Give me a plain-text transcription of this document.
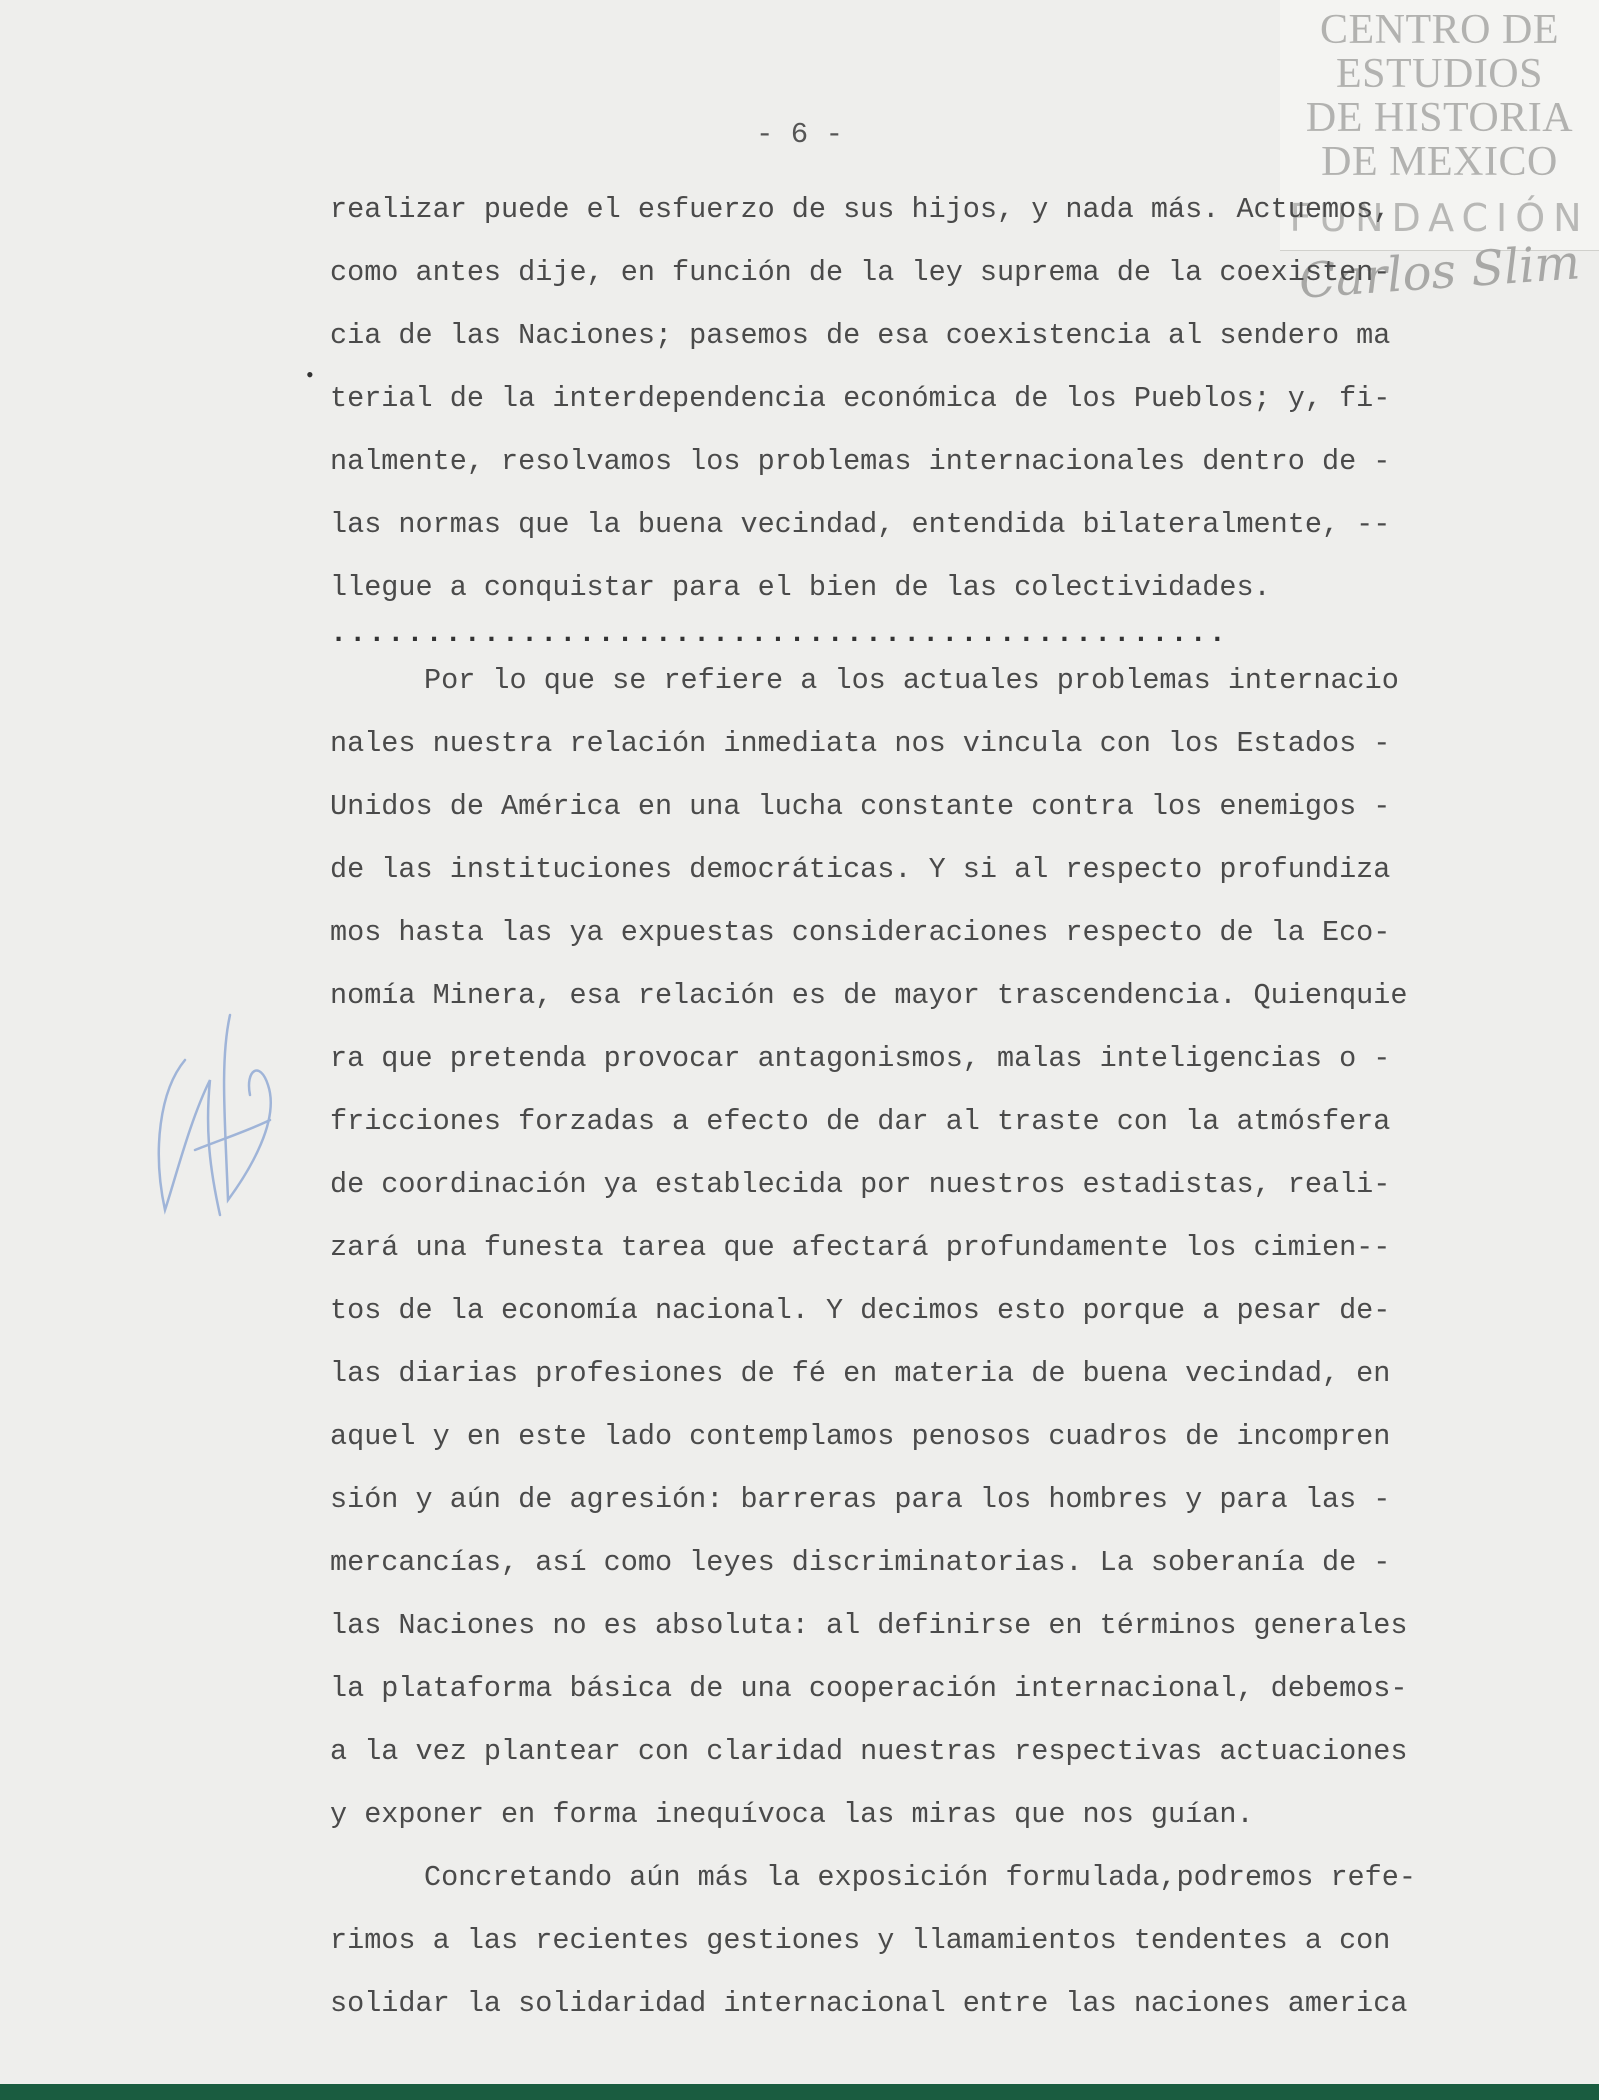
CENTRO DE
ESTUDIOS
DE HISTORIA
DE MEXICO
FUNDACIÓN
Carlos Slim
- 6 -
•
realizar puede el esfuerzo de sus hijos, y nada más. Actuemos,
como antes dije, en función de la ley suprema de la coexisten-
cia de las Naciones; pasemos de esa coexistencia al sendero ma
terial de la interdependencia económica de los Pueblos; y, fi-
nalmente, resolvamos los problemas internacionales dentro de -
las normas que la buena vecindad, entendida bilateralmente, --
llegue a conquistar para el bien de las colectividades.
...............................................
Por lo que se refiere a los actuales problemas internacio
nales nuestra relación inmediata nos vincula con los Estados -
Unidos de América en una lucha constante contra los enemigos -
de las instituciones democráticas. Y si al respecto profundiza
mos hasta las ya expuestas consideraciones respecto de la Eco-
nomía Minera, esa relación es de mayor trascendencia. Quienquie
ra que pretenda provocar antagonismos, malas inteligencias o -
fricciones forzadas a efecto de dar al traste con la atmósfera
de coordinación ya establecida por nuestros estadistas, reali-
zará una funesta tarea que afectará profundamente los cimien--
tos de la economía nacional. Y decimos esto porque a pesar de-
las diarias profesiones de fé en materia de buena vecindad, en
aquel y en este lado contemplamos penosos cuadros de incompren
sión y aún de agresión: barreras para los hombres y para las -
mercancías, así como leyes discriminatorias. La soberanía de -
las Naciones no es absoluta: al definirse en términos generales
la plataforma básica de una cooperación internacional, debemos-
a la vez plantear con claridad nuestras respectivas actuaciones
y exponer en forma inequívoca las miras que nos guían.
Concretando aún más la exposición formulada,podremos refe-
rimos a las recientes gestiones y llamamientos tendentes a con
solidar la solidaridad internacional entre las naciones america
